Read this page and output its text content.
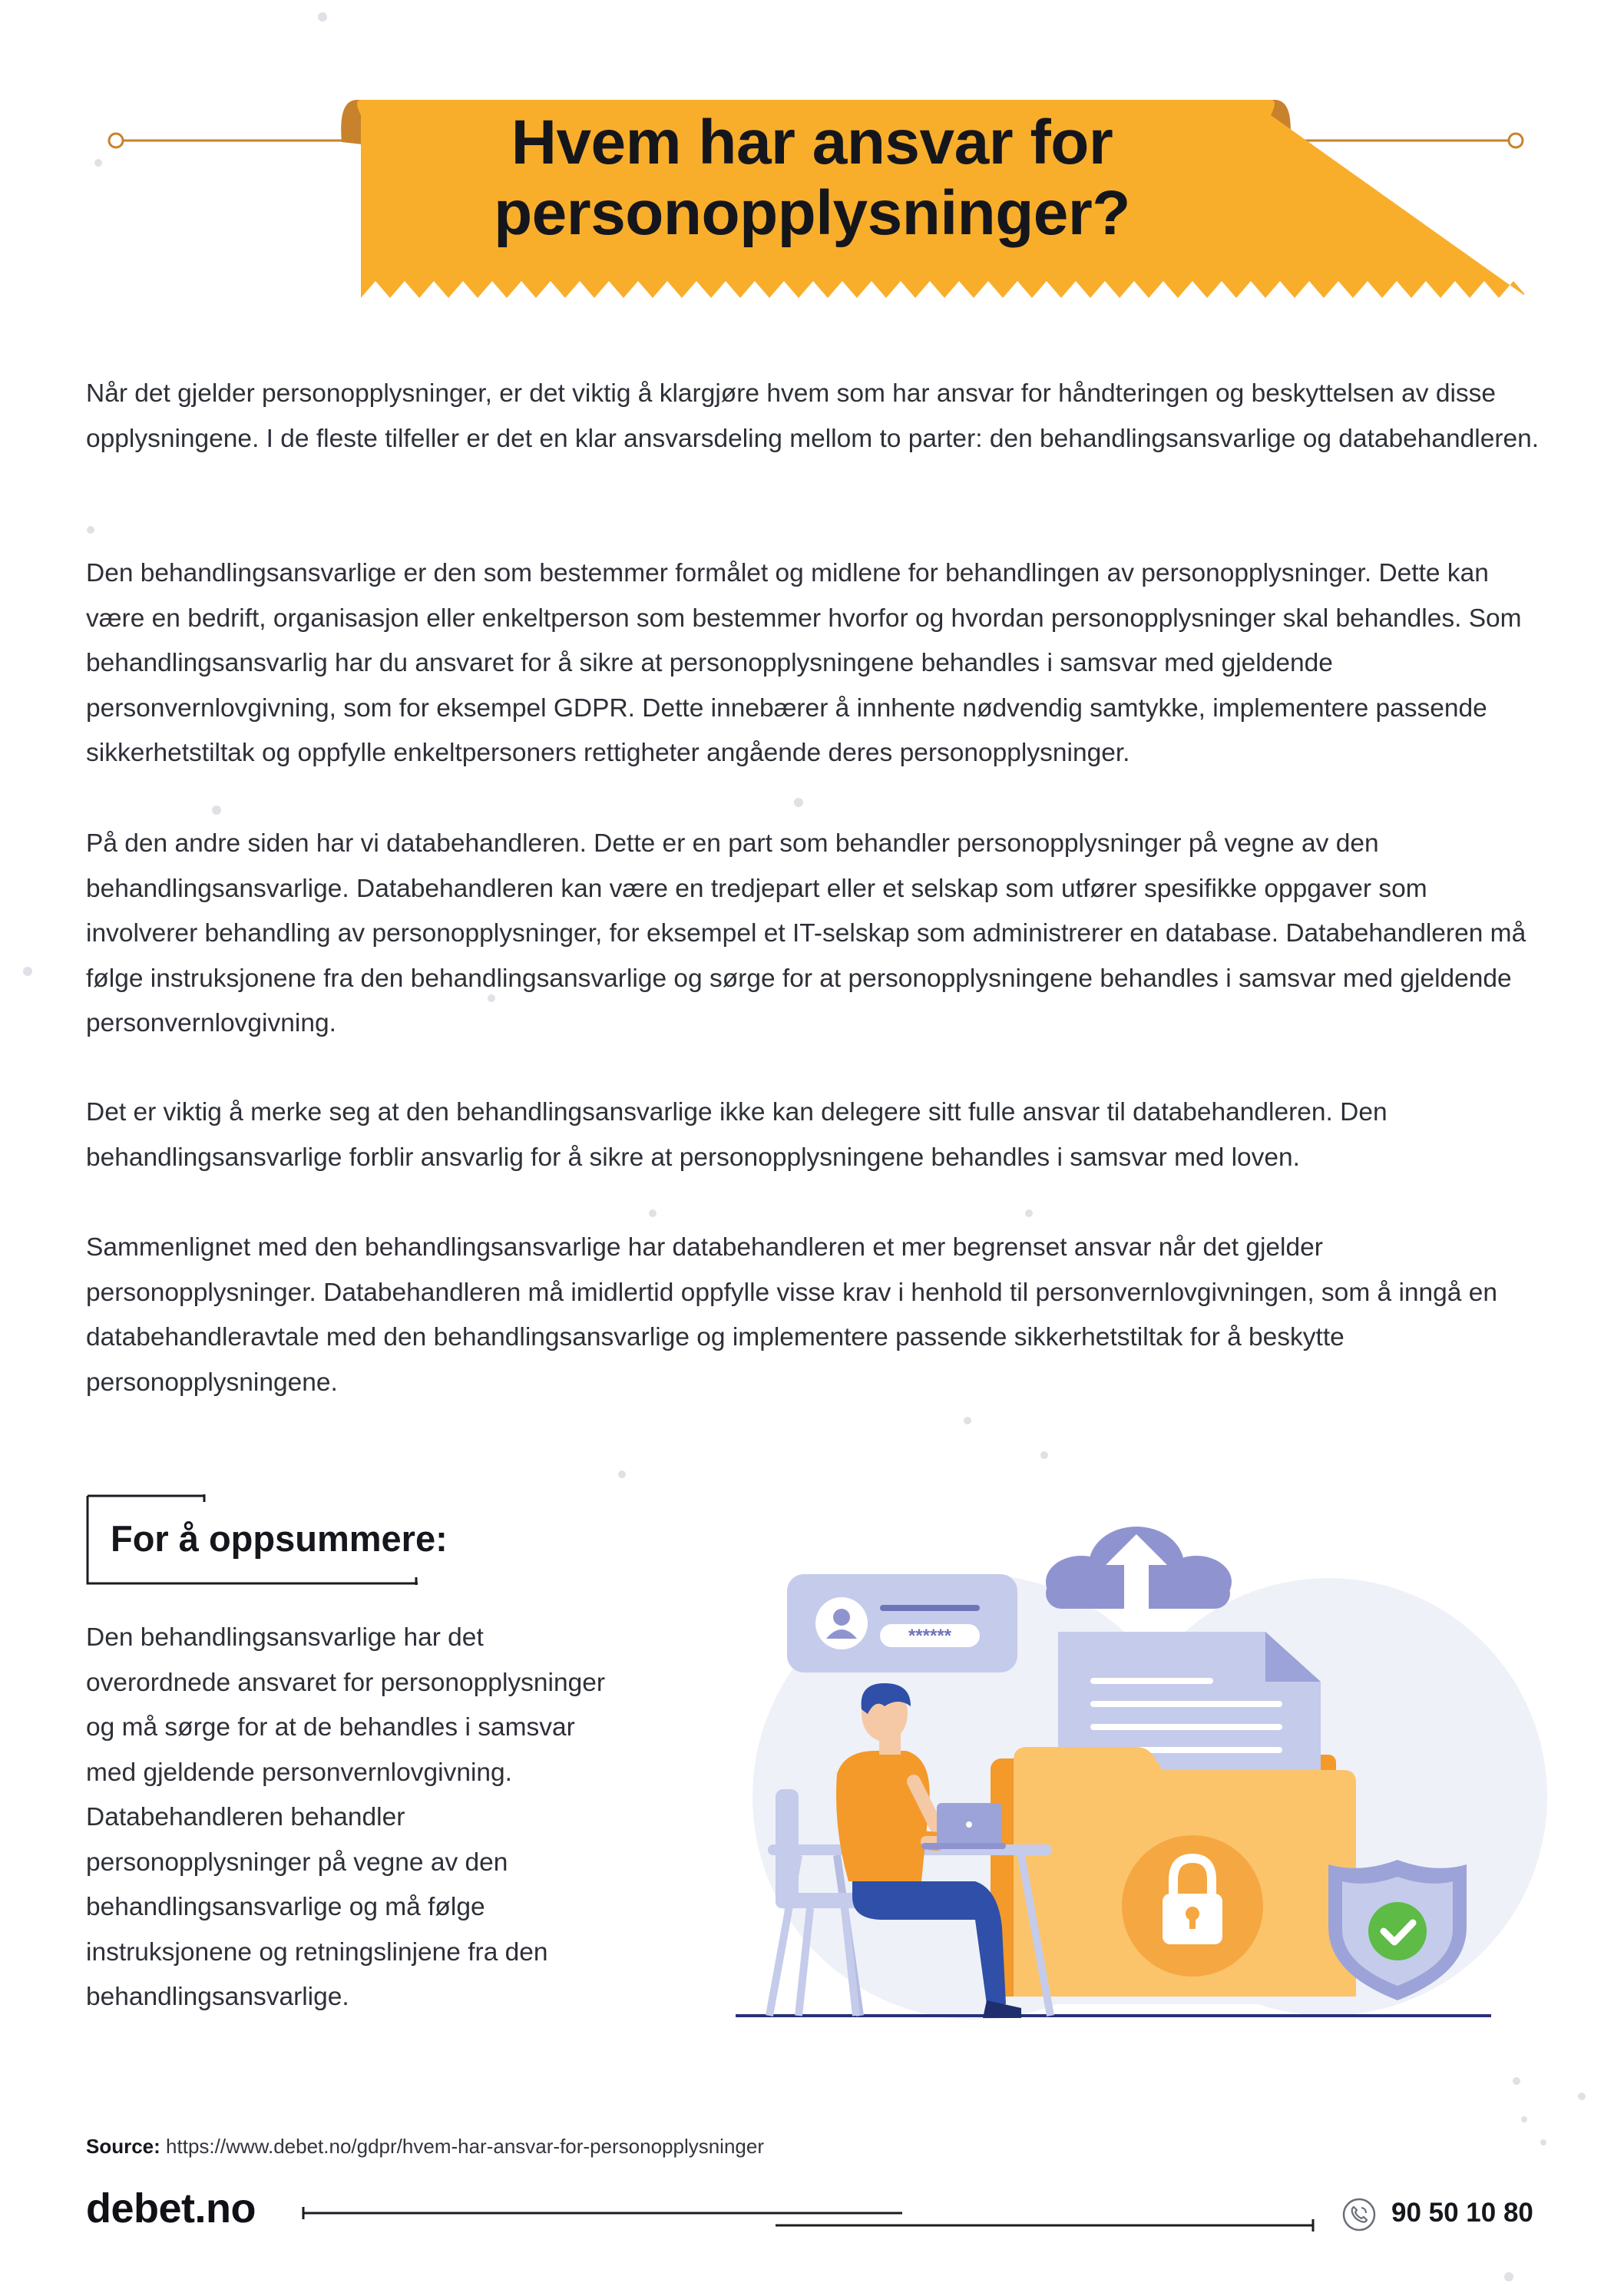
Hvem har ansvar for
personopplysninger?

Når det gjelder personopplysninger, er det viktig å klargjøre hvem som har ansvar for håndteringen og beskyttelsen av disse opplysningene. I de fleste tilfeller er det en klar ansvarsdeling mellom to parter: den behandlingsansvarlige og databehandleren.

Den behandlingsansvarlige er den som bestemmer formålet og midlene for behandlingen av personopplysninger. Dette kan være en bedrift, organisasjon eller enkeltperson som bestemmer hvorfor og hvordan personopplysninger skal behandles. Som behandlingsansvarlig har du ansvaret for å sikre at personopplysningene behandles i samsvar med gjeldende personvernlovgivning, som for eksempel GDPR. Dette innebærer å innhente nødvendig samtykke, implementere passende sikkerhetstiltak og oppfylle enkeltpersoners rettigheter angående deres personopplysninger.

På den andre siden har vi databehandleren. Dette er en part som behandler personopplysninger på vegne av den behandlingsansvarlige. Databehandleren kan være en tredjepart eller et selskap som utfører spesifikke oppgaver som involverer behandling av personopplysninger, for eksempel et IT-selskap som administrerer en database. Databehandleren må følge instruksjonene fra den behandlingsansvarlige og sørge for at personopplysningene behandles i samsvar med gjeldende personvernlovgivning.

Det er viktig å merke seg at den behandlingsansvarlige ikke kan delegere sitt fulle ansvar til databehandleren. Den behandlingsansvarlige forblir ansvarlig for å sikre at personopplysningene behandles i samsvar med loven.

Sammenlignet med den behandlingsansvarlige har databehandleren et mer begrenset ansvar når det gjelder personopplysninger. Databehandleren må imidlertid oppfylle visse krav i henhold til personvernlovgivningen, som å inngå en databehandleravtale med den behandlingsansvarlige og implementere passende sikkerhetstiltak for å beskytte personopplysningene.

For å oppsummere:

Den behandlingsansvarlige har det overordnede ansvaret for personopplysninger og må sørge for at de behandles i samsvar med gjeldende personvernlovgivning. Databehandleren behandler personopplysninger på vegne av den behandlingsansvarlige og må følge instruksjonene og retningslinjene fra den behandlingsansvarlige.

******
Source: https://www.debet.no/gdpr/hvem-har-ansvar-for-personopplysninger
debet.no	90 50 10 80
